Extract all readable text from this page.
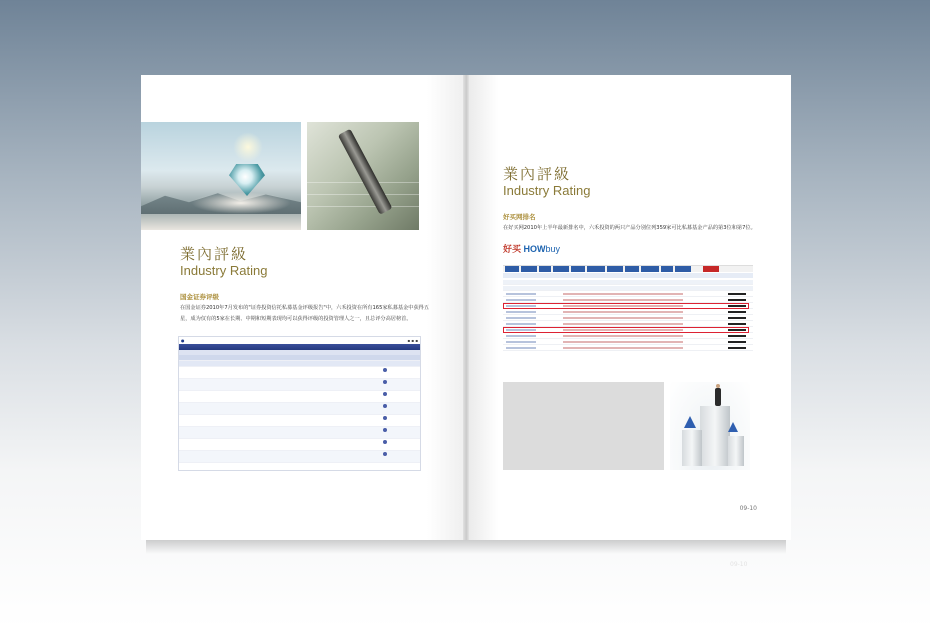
業內評級
Industry Rating
国金证券评级
在国金证券2010年7月发布的"证券投资信托私募基金评级报告"中，六禾投资在所有165家私募基金中获得五
星，成为仅有的5家在长期、中期和短期表现均可以获得评级的投资管理人之一，且总评分高居榜首。
●	▪ ▪ ▪
業內評級
Industry Rating
好买网排名
在好买网2010年上半年最新排名中，六禾投资的两只产品分别位列359家可比私募基金产品的第3位和第7位。
好买 HOWbuy
09-10
09-10
